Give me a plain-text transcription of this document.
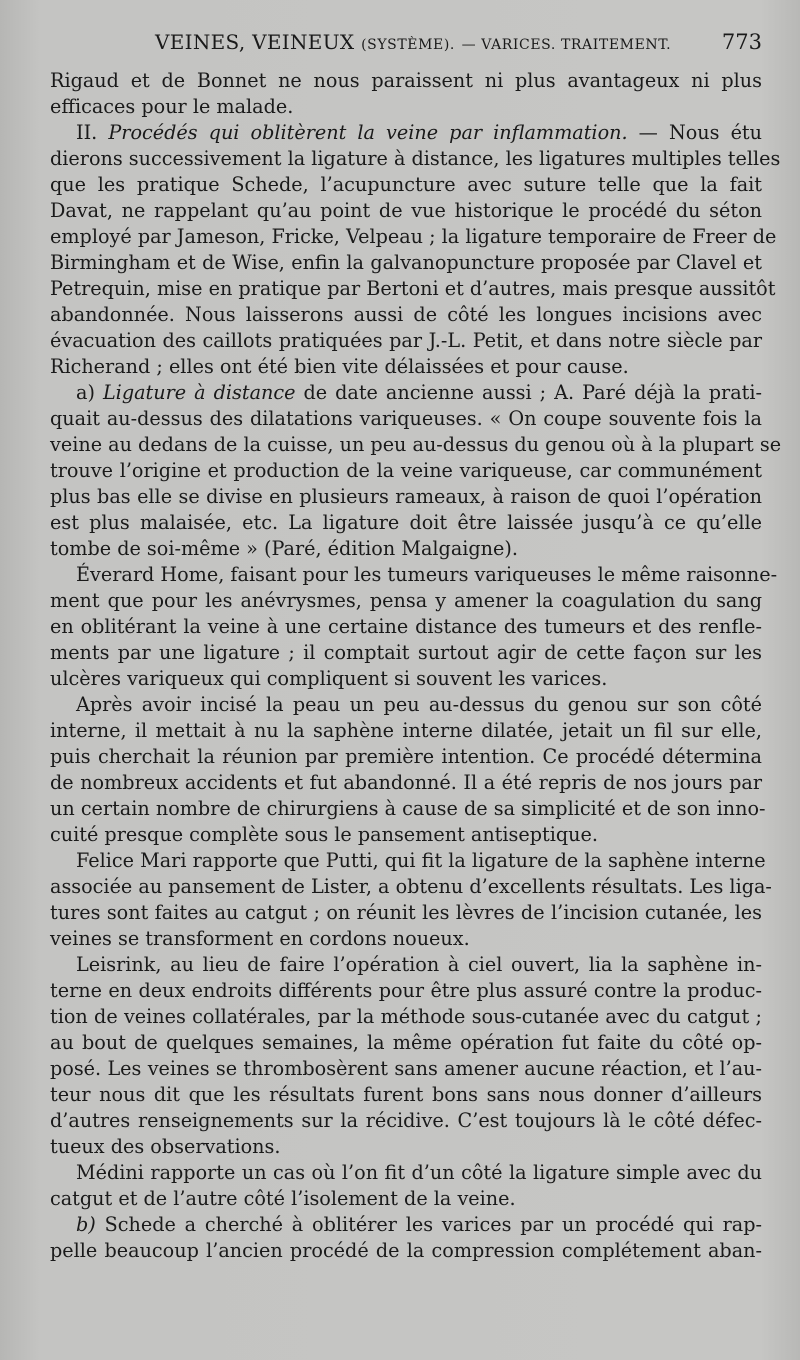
VEINES, VEINEUX (SYSTÈME). — VARICES. TRAITEMENT. 773
Rigaud et de Bonnet ne nous paraissent ni plus avantageux ni plus
efficaces pour le malade.
II. Procédés qui oblitèrent la veine par inflammation. — Nous étu
dierons successivement la ligature à distance, les ligatures multiples telles
que les pratique Schede, l’acupuncture avec suture telle que la fait
Davat, ne rappelant qu’au point de vue historique le procédé du séton
employé par Jameson, Fricke, Velpeau ; la ligature temporaire de Freer de
Birmingham et de Wise, enfin la galvanopuncture proposée par Clavel et
Petrequin, mise en pratique par Bertoni et d’autres, mais presque aussitôt
abandonnée. Nous laisserons aussi de côté les longues incisions avec
évacuation des caillots pratiquées par J.-L. Petit, et dans notre siècle par
Richerand ; elles ont été bien vite délaissées et pour cause.
a) Ligature à distance de date ancienne aussi ; A. Paré déjà la prati-
quait au-dessus des dilatations variqueuses. « On coupe souvente fois la
veine au dedans de la cuisse, un peu au-dessus du genou où à la plupart se
trouve l’origine et production de la veine variqueuse, car communément
plus bas elle se divise en plusieurs rameaux, à raison de quoi l’opération
est plus malaisée, etc. La ligature doit être laissée jusqu’à ce qu’elle
tombe de soi-même » (Paré, édition Malgaigne).
Éverard Home, faisant pour les tumeurs variqueuses le même raisonne-
ment que pour les anévrysmes, pensa y amener la coagulation du sang
en oblitérant la veine à une certaine distance des tumeurs et des renfle-
ments par une ligature ; il comptait surtout agir de cette façon sur les
ulcères variqueux qui compliquent si souvent les varices.
Après avoir incisé la peau un peu au-dessus du genou sur son côté
interne, il mettait à nu la saphène interne dilatée, jetait un fil sur elle,
puis cherchait la réunion par première intention. Ce procédé détermina
de nombreux accidents et fut abandonné. Il a été repris de nos jours par
un certain nombre de chirurgiens à cause de sa simplicité et de son inno-
cuité presque complète sous le pansement antiseptique.
Felice Mari rapporte que Putti, qui fit la ligature de la saphène interne
associée au pansement de Lister, a obtenu d’excellents résultats. Les liga-
tures sont faites au catgut ; on réunit les lèvres de l’incision cutanée, les
veines se transforment en cordons noueux.
Leisrink, au lieu de faire l’opération à ciel ouvert, lia la saphène in-
terne en deux endroits différents pour être plus assuré contre la produc-
tion de veines collatérales, par la méthode sous-cutanée avec du catgut ;
au bout de quelques semaines, la même opération fut faite du côté op-
posé. Les veines se thrombosèrent sans amener aucune réaction, et l’au-
teur nous dit que les résultats furent bons sans nous donner d’ailleurs
d’autres renseignements sur la récidive. C’est toujours là le côté défec-
tueux des observations.
Médini rapporte un cas où l’on fit d’un côté la ligature simple avec du
catgut et de l’autre côté l’isolement de la veine.
b) Schede a cherché à oblitérer les varices par un procédé qui rap-
pelle beaucoup l’ancien procédé de la compression complétement aban-
